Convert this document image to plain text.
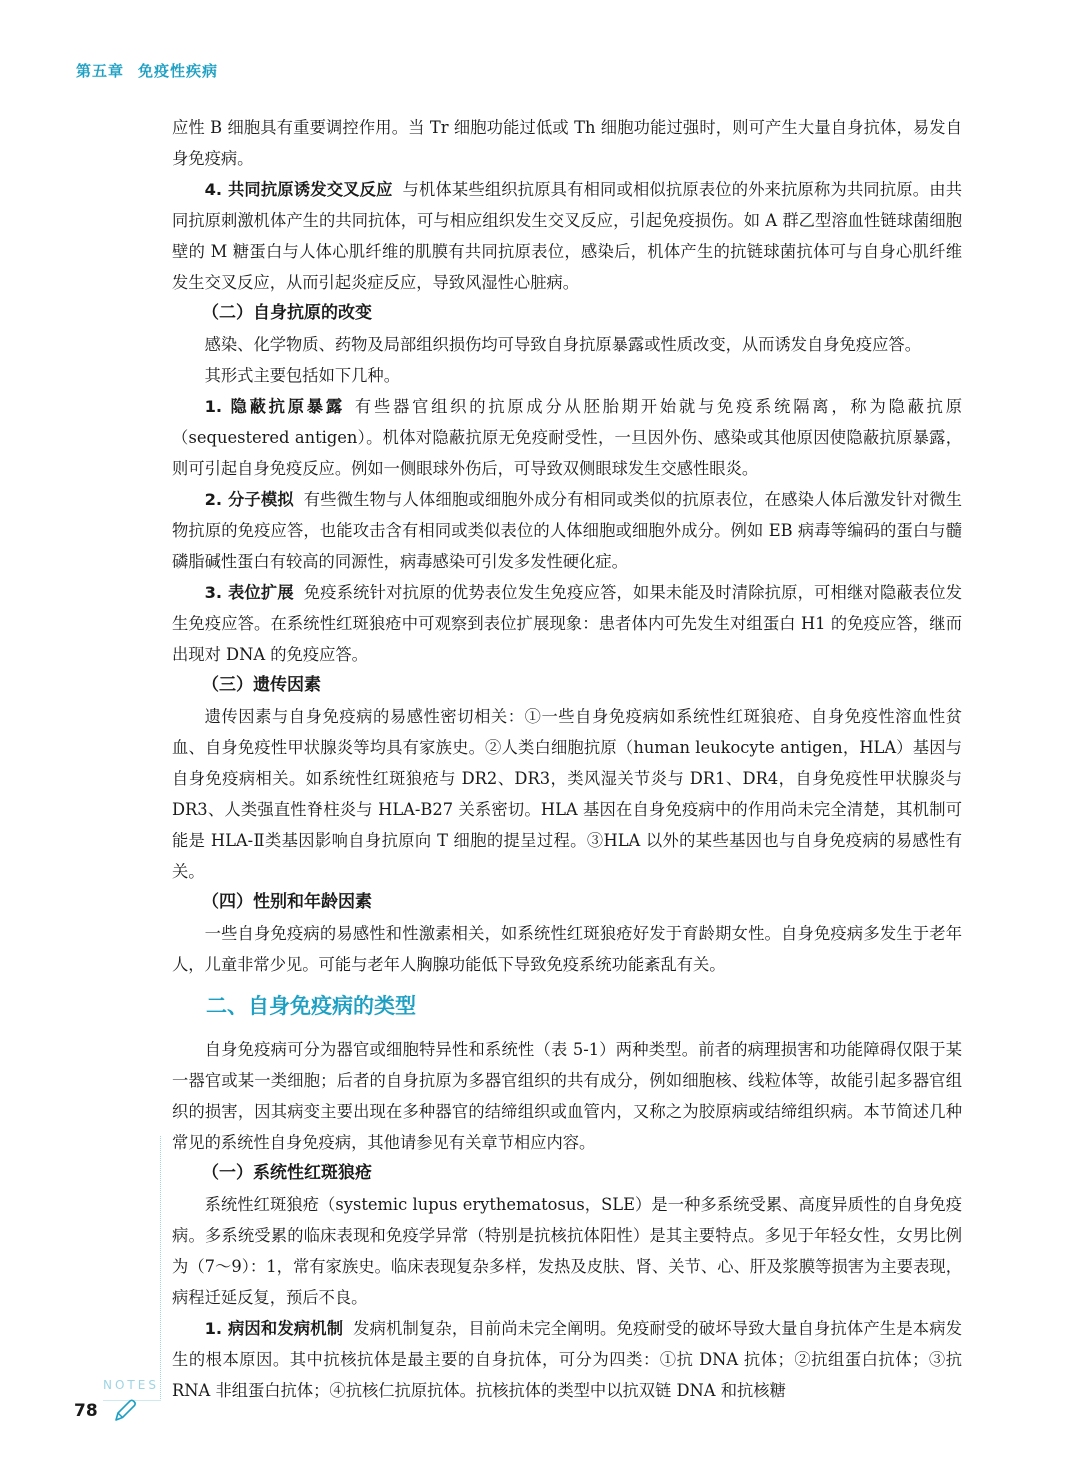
第五章 免疫性疾病

应性 B 细胞具有重要调控作用。当 Tr 细胞功能过低或 Th 细胞功能过强时，则可产生大量自身抗体，易发自身免疫病。

4. 共同抗原诱发交叉反应 与机体某些组织抗原具有相同或相似抗原表位的外来抗原称为共同抗原。由共同抗原刺激机体产生的共同抗体，可与相应组织发生交叉反应，引起免疫损伤。如 A 群乙型溶血性链球菌细胞壁的 M 糖蛋白与人体心肌纤维的肌膜有共同抗原表位，感染后，机体产生的抗链球菌抗体可与自身心肌纤维发生交叉反应，从而引起炎症反应，导致风湿性心脏病。

（二）自身抗原的改变

感染、化学物质、药物及局部组织损伤均可导致自身抗原暴露或性质改变，从而诱发自身免疫应答。

其形式主要包括如下几种。

1. 隐蔽抗原暴露 有些器官组织的抗原成分从胚胎期开始就与免疫系统隔离，称为隐蔽抗原（sequestered antigen）。机体对隐蔽抗原无免疫耐受性，一旦因外伤、感染或其他原因使隐蔽抗原暴露，则可引起自身免疫反应。例如一侧眼球外伤后，可导致双侧眼球发生交感性眼炎。

2. 分子模拟 有些微生物与人体细胞或细胞外成分有相同或类似的抗原表位，在感染人体后激发针对微生物抗原的免疫应答，也能攻击含有相同或类似表位的人体细胞或细胞外成分。例如 EB 病毒等编码的蛋白与髓磷脂碱性蛋白有较高的同源性，病毒感染可引发多发性硬化症。

3. 表位扩展 免疫系统针对抗原的优势表位发生免疫应答，如果未能及时清除抗原，可相继对隐蔽表位发生免疫应答。在系统性红斑狼疮中可观察到表位扩展现象：患者体内可先发生对组蛋白 H1 的免疫应答，继而出现对 DNA 的免疫应答。

（三）遗传因素

遗传因素与自身免疫病的易感性密切相关：①一些自身免疫病如系统性红斑狼疮、自身免疫性溶血性贫血、自身免疫性甲状腺炎等均具有家族史。②人类白细胞抗原（human leukocyte antigen，HLA）基因与自身免疫病相关。如系统性红斑狼疮与 DR2、DR3，类风湿关节炎与 DR1、DR4，自身免疫性甲状腺炎与 DR3、人类强直性脊柱炎与 HLA-B27 关系密切。HLA 基因在自身免疫病中的作用尚未完全清楚，其机制可能是 HLA-Ⅱ类基因影响自身抗原向 T 细胞的提呈过程。③HLA 以外的某些基因也与自身免疫病的易感性有关。

（四）性别和年龄因素

一些自身免疫病的易感性和性激素相关，如系统性红斑狼疮好发于育龄期女性。自身免疫病多发生于老年人，儿童非常少见。可能与老年人胸腺功能低下导致免疫系统功能紊乱有关。

二、自身免疫病的类型

自身免疫病可分为器官或细胞特异性和系统性（表 5-1）两种类型。前者的病理损害和功能障碍仅限于某一器官或某一类细胞；后者的自身抗原为多器官组织的共有成分，例如细胞核、线粒体等，故能引起多器官组织的损害，因其病变主要出现在多种器官的结缔组织或血管内，又称之为胶原病或结缔组织病。本节简述几种常见的系统性自身免疫病，其他请参见有关章节相应内容。

（一）系统性红斑狼疮

系统性红斑狼疮（systemic lupus erythematosus，SLE）是一种多系统受累、高度异质性的自身免疫病。多系统受累的临床表现和免疫学异常（特别是抗核抗体阳性）是其主要特点。多见于年轻女性，女男比例为（7～9）：1，常有家族史。临床表现复杂多样，发热及皮肤、肾、关节、心、肝及浆膜等损害为主要表现，病程迁延反复，预后不良。

1. 病因和发病机制 发病机制复杂，目前尚未完全阐明。免疫耐受的破坏导致大量自身抗体产生是本病发生的根本原因。其中抗核抗体是最主要的自身抗体，可分为四类：①抗 DNA 抗体；②抗组蛋白抗体；③抗 RNA 非组蛋白抗体；④抗核仁抗原抗体。抗核抗体的类型中以抗双链 DNA 和抗核糖

NOTES
78
